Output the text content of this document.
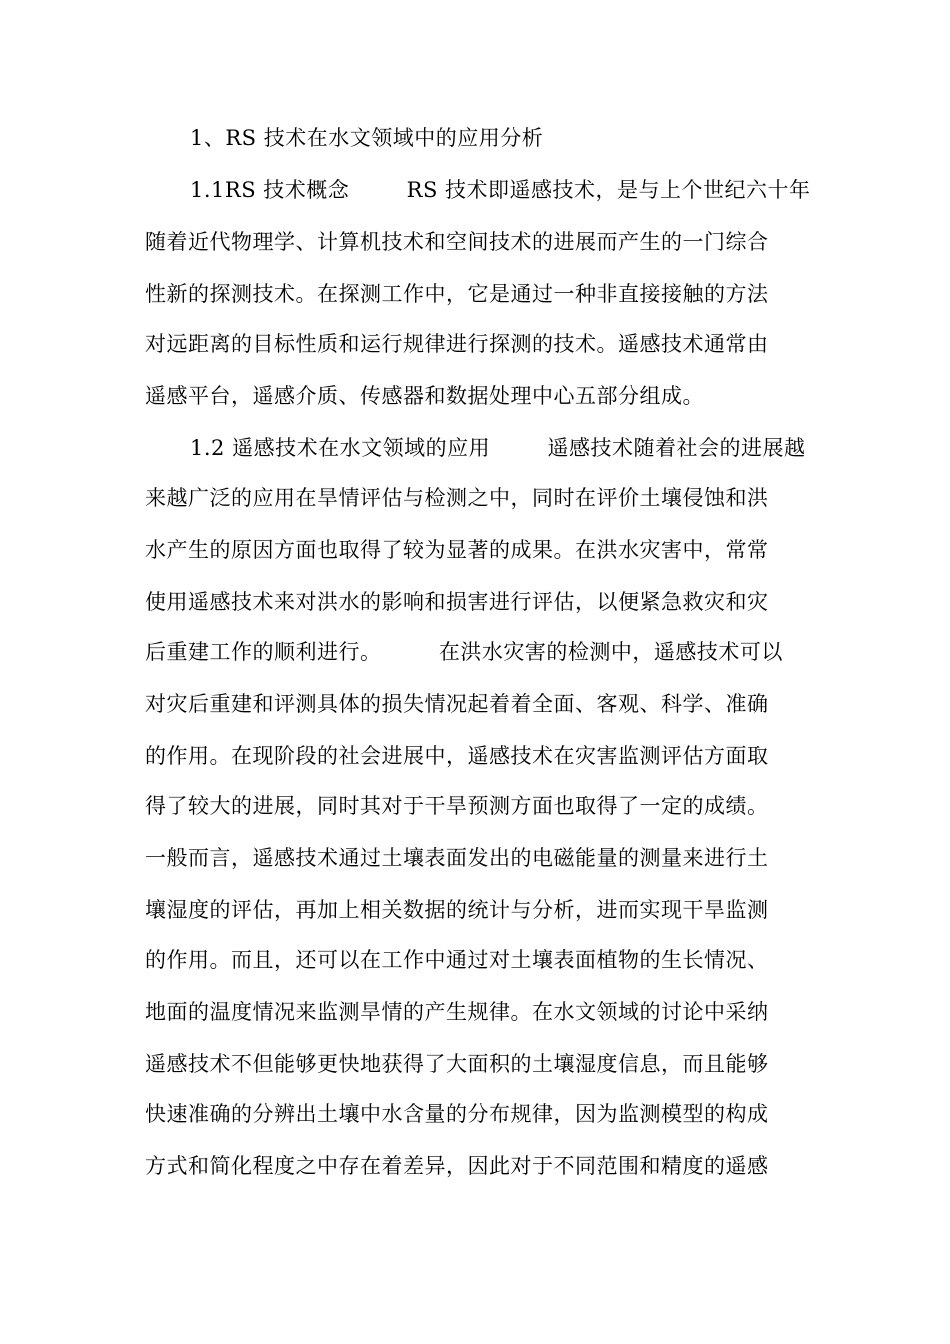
1、RS 技术在水文领域中的应用分析
1.1RS 技术概念        RS 技术即遥感技术，是与上个世纪六十年
随着近代物理学、计算机技术和空间技术的进展而产生的一门综合
性新的探测技术。在探测工作中，它是通过一种非直接接触的方法
对远距离的目标性质和运行规律进行探测的技术。遥感技术通常由
遥感平台，遥感介质、传感器和数据处理中心五部分组成。
1.2 遥感技术在水文领域的应用        遥感技术随着社会的进展越
来越广泛的应用在旱情评估与检测之中，同时在评价土壤侵蚀和洪
水产生的原因方面也取得了较为显著的成果。在洪水灾害中，常常
使用遥感技术来对洪水的影响和损害进行评估，以便紧急救灾和灾
后重建工作的顺利进行。        在洪水灾害的检测中，遥感技术可以
对灾后重建和评测具体的损失情况起着着全面、客观、科学、准确
的作用。在现阶段的社会进展中，遥感技术在灾害监测评估方面取
得了较大的进展，同时其对于干旱预测方面也取得了一定的成绩。
一般而言，遥感技术通过土壤表面发出的电磁能量的测量来进行土
壤湿度的评估，再加上相关数据的统计与分析，进而实现干旱监测
的作用。而且，还可以在工作中通过对土壤表面植物的生长情况、
地面的温度情况来监测旱情的产生规律。在水文领域的讨论中采纳
遥感技术不但能够更快地获得了大面积的土壤湿度信息，而且能够
快速准确的分辨出土壤中水含量的分布规律，因为监测模型的构成
方式和简化程度之中存在着差异，因此对于不同范围和精度的遥感
